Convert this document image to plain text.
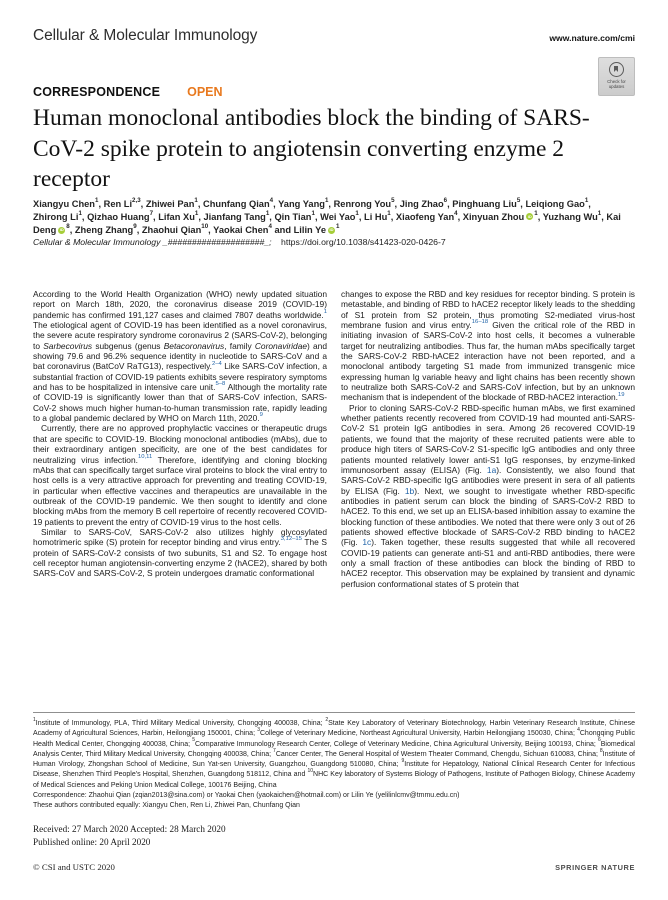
Cellular & Molecular Immunology	www.nature.com/cmi
Check for
updates
CORRESPONDENCE OPEN
Human monoclonal antibodies block the binding of SARS-CoV-2 spike protein to angiotensin converting enzyme 2 receptor
Xiangyu Chen$^1$, Ren Li$^{2,3}$, Zhiwei Pan$^1$, Chunfang Qian$^4$, Yang Yang$^1$, Renrong You$^5$, Jing Zhao$^6$, Pinghuang Liu$^5$, Leiqiong Gao$^1$, Zhirong Li$^1$, Qizhao Huang$^7$, Lifan Xu$^1$, Jianfang Tang$^1$, Qin Tian$^1$, Wei Yao$^1$, Li Hu$^1$, Xiaofeng Yan$^4$, Xinyuan Zhou iD $^1$, Yuzhang Wu$^1$, Kai Deng iD $^8$, Zheng Zhang$^9$, Zhaohui Qian$^{10}$, Yaokai Chen$^4$ and Lilin Ye iD $^1$
Cellular & Molecular Immunology _####################_; https://doi.org/10.1038/s41423-020-0426-7

According to the World Health Organization (WHO) newly updated situation report on March 18th, 2020, the coronavirus disease 2019 (COVID-19) pandemic has confirmed 191,127 cases and claimed 7807 deaths worldwide.$^1$ The etiological agent of COVID-19 has been identified as a novel coronavirus, the severe acute respiratory syndrome coronavirus 2 (SARS-CoV-2), belonging to Sarbecovirus subgenus (genus Betacoronavirus, family Coronaviridae) and showing 79.6 and 96.2% sequence identity in nucleotide to SARS-CoV and a bat coronavirus (BatCoV RaTG13), respectively.$^{2-4}$ Like SARS-CoV infection, a substantial fraction of COVID-19 patients exhibits severe respiratory symptoms and has to be hospitalized in intensive care unit.$^{5-8}$ Although the mortality rate of COVID-19 is significantly lower than that of SARS-CoV infection, SARS-CoV-2 shows much higher human-to-human transmission rate, rapidly leading to a global pandemic declared by WHO on March 11th, 2020.$^9$

Currently, there are no approved prophylactic vaccines or therapeutic drugs that are specific to COVID-19. Blocking monoclonal antibodies (mAbs), due to their extraordinary antigen specificity, are one of the best candidates for neutralizing virus infection.$^{10,11}$ Therefore, identifying and cloning blocking mAbs that can specifically target surface viral proteins to block the viral entry to host cells is a very attractive approach for preventing and treating COVID-19, in particular when effective vaccines and therapeutics are unavailable in the outbreak of the COVID-19 pandemic. We then sought to identify and clone blocking mAbs from the memory B cell repertoire of recently recovered COVID-19 patients to prevent the entry of COVID-19 virus to the host cells.

Similar to SARS-CoV, SARS-CoV-2 also utilizes highly glycosylated homotrimeric spike (S) protein for receptor binding and virus entry.$^{3,12-15}$ The S protein of SARS-CoV-2 consists of two subunits, S1 and S2. To engage host cell receptor human angiotensin-converting enzyme 2 (hACE2), shared by both SARS-CoV and SARS-CoV-2, S protein undergoes dramatic conformational

changes to expose the RBD and key residues for receptor binding. S protein is metastable, and binding of RBD to hACE2 receptor likely leads to the shedding of S1 protein from S2 protein, thus promoting S2-mediated virus-host membrane fusion and virus entry.$^{16-18}$ Given the critical role of the RBD in initiating invasion of SARS-CoV-2 into host cells, it becomes a vulnerable target for neutralizing antibodies. Thus far, the human mAbs specifically target the SARS-CoV-2 RBD-hACE2 interaction have not been reported, and a monoclonal antibody targeting S1 made from immunized transgenic mice expressing human Ig variable heavy and light chains has been recently shown to neutralize both SARS-CoV-2 and SARS-CoV infection, but by an unknown mechanism that is independent of the blockade of RBD-hACE2 interaction.$^{19}$

Prior to cloning SARS-CoV-2 RBD-specific human mAbs, we first examined whether patients recently recovered from COVID-19 had mounted anti-SARS-CoV-2 S1 protein IgG antibodies in sera. Among 26 recovered COVID-19 patients, we found that the majority of these recruited patients were able to produce high titers of SARS-CoV-2 S1-specific IgG antibodies and only three patients mounted relatively lower anti-S1 IgG responses, by enzyme-linked immunosorbent assay (ELISA) (Fig. 1a). Consistently, we also found that SARS-CoV-2 RBD-specific IgG antibodies were present in sera of all patients by ELISA (Fig. 1b). Next, we sought to investigate whether RBD-specific antibodies in patient serum can block the binding of SARS-CoV-2 RBD to hACE2. To this end, we set up an ELISA-based inhibition assay to examine the blocking function of these antibodies. We noted that there were only 3 out of 26 patients showed effective blockade of SARS-CoV-2 RBD binding to hACE2 (Fig. 1c). Taken together, these results suggested that while all recovered COVID-19 patients can generate anti-S1 and anti-RBD antibodies, there were only a small fraction of these antibodies can block the binding of RBD to hACE2 receptor. This observation may be explained by transient and dynamic perfusion conformational states of S protein that

$^1$Institute of Immunology, PLA, Third Military Medical University, Chongqing 400038, China; $^2$State Key Laboratory of Veterinary Biotechnology, Harbin Veterinary Research Institute, Chinese Academy of Agricultural Sciences, Harbin, Heilongjiang 150001, China; $^3$College of Veterinary Medicine, Northeast Agricultural University, Harbin Heilongjiang 150030, China; $^4$Chongqing Public Health Medical Center, Chongqing 400038, China; $^5$Comparative Immunology Research Center, College of Veterinary Medicine, China Agricultural University, Beijing 100193, China; $^6$Biomedical Analysis Center, Third Military Medical University, Chongqing 400038, China; $^7$Cancer Center, The General Hospital of Western Theater Command, Chengdu, Sichuan 610083, China; $^8$Institute of Human Virology, Zhongshan School of Medicine, Sun Yat-sen University, Guangzhou, Guangdong 510080, China; $^9$Institute for Hepatology, National Clinical Research Center for Infectious Disease, Shenzhen Third People's Hospital, Shenzhen, Guangdong 518112, China and $^{10}$NHC Key laboratory of Systems Biology of Pathogens, Institute of Pathogen Biology, Chinese Academy of Medical Sciences and Peking Union Medical College, 100176 Beijing, China

Correspondence: Zhaohui Qian (zqian2013@sina.com) or Yaokai Chen (yaokaichen@hotmail.com) or Lilin Ye (yelilinlcmv@tmmu.edu.cn)

These authors contributed equally: Xiangyu Chen, Ren Li, Zhiwei Pan, Chunfang Qian

Received: 27 March 2020 Accepted: 28 March 2020
Published online: 20 April 2020
© CSI and USTC 2020	SPRINGER NATURE
